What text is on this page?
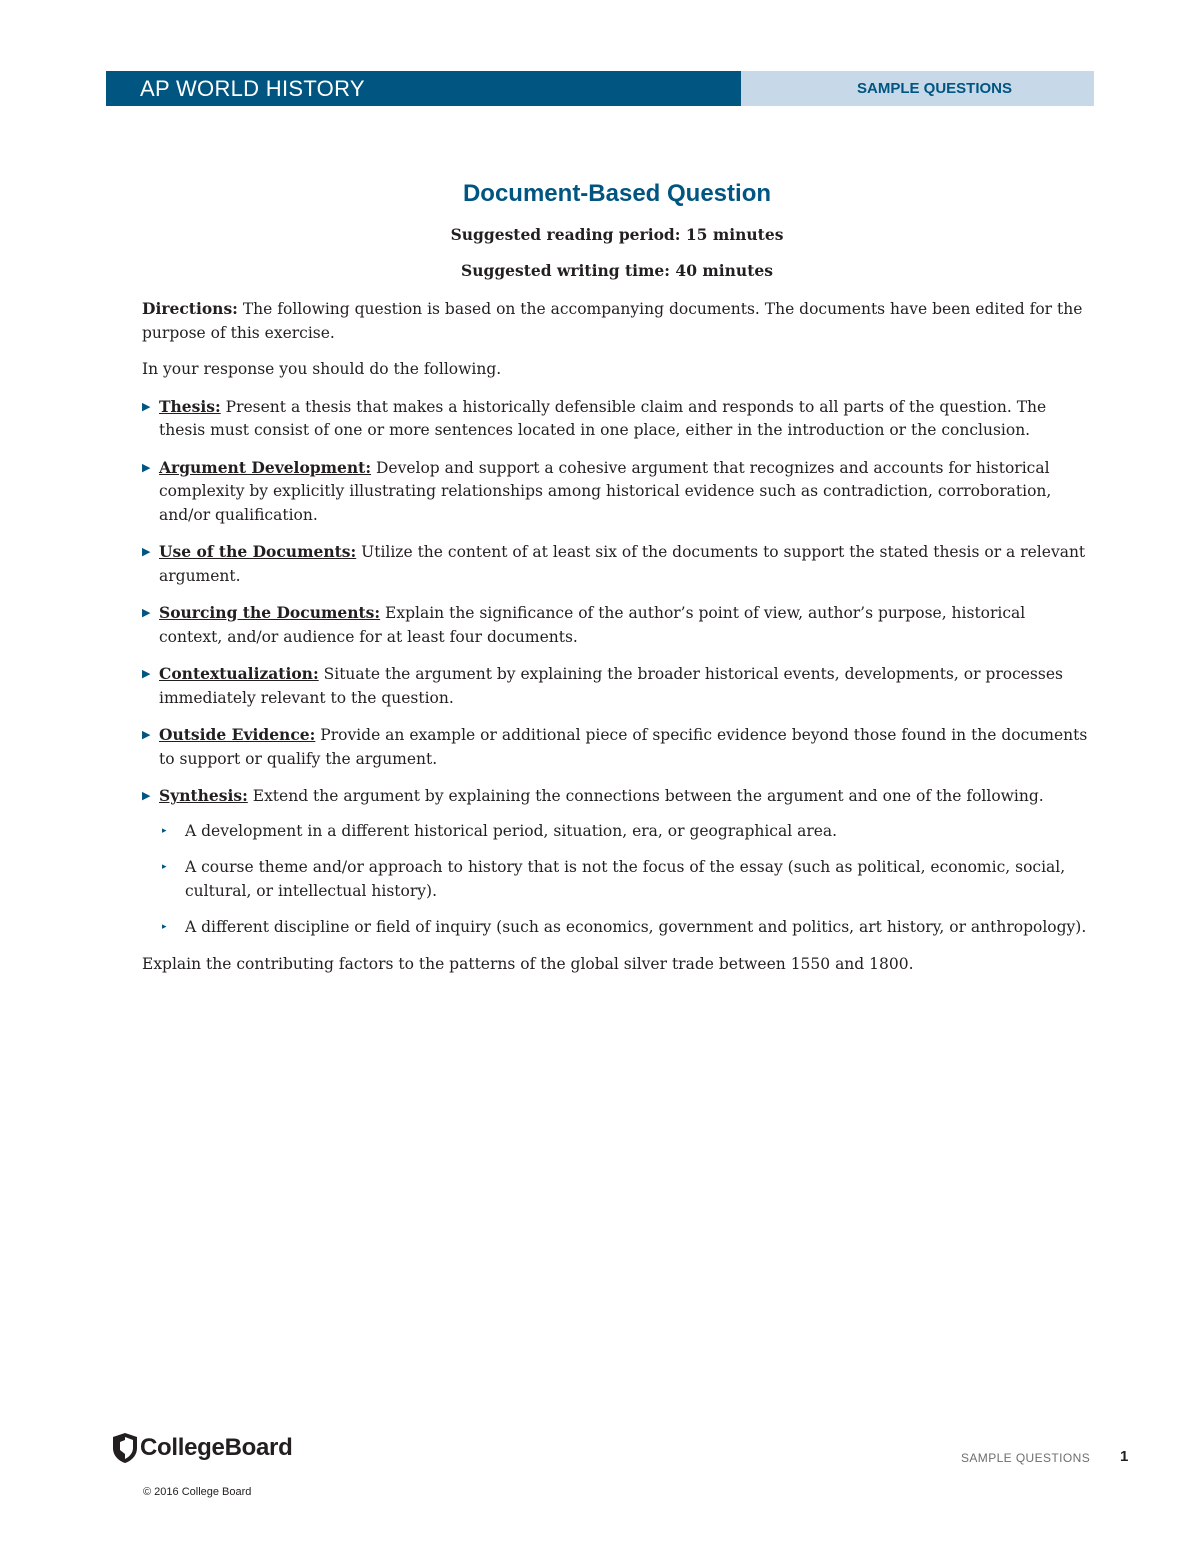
AP WORLD HISTORY	SAMPLE QUESTIONS
Document-Based Question
Suggested reading period: 15 minutes
Suggested writing time: 40 minutes

Directions: The following question is based on the accompanying documents. The documents have been edited for the purpose of this exercise.

In your response you should do the following.

▶ Thesis: Present a thesis that makes a historically defensible claim and responds to all parts of the question. The thesis must consist of one or more sentences located in one place, either in the introduction or the conclusion.
▶ Argument Development: Develop and support a cohesive argument that recognizes and accounts for historical complexity by explicitly illustrating relationships among historical evidence such as contradiction, corroboration, and/or qualification.
▶ Use of the Documents: Utilize the content of at least six of the documents to support the stated thesis or a relevant argument.
▶ Sourcing the Documents: Explain the significance of the author’s point of view, author’s purpose, historical context, and/or audience for at least four documents.
▶ Contextualization: Situate the argument by explaining the broader historical events, developments, or processes immediately relevant to the question.
▶ Outside Evidence: Provide an example or additional piece of specific evidence beyond those found in the documents to support or qualify the argument.
▶ Synthesis: Extend the argument by explaining the connections between the argument and one of the following.
▸ A development in a different historical period, situation, era, or geographical area.
▸ A course theme and/or approach to history that is not the focus of the essay (such as political, economic, social, cultural, or intellectual history).
▸ A different discipline or field of inquiry (such as economics, government and politics, art history, or anthropology).

Explain the contributing factors to the patterns of the global silver trade between 1550 and 1800.

CollegeBoard
© 2016 College Board
SAMPLE QUESTIONS 1
